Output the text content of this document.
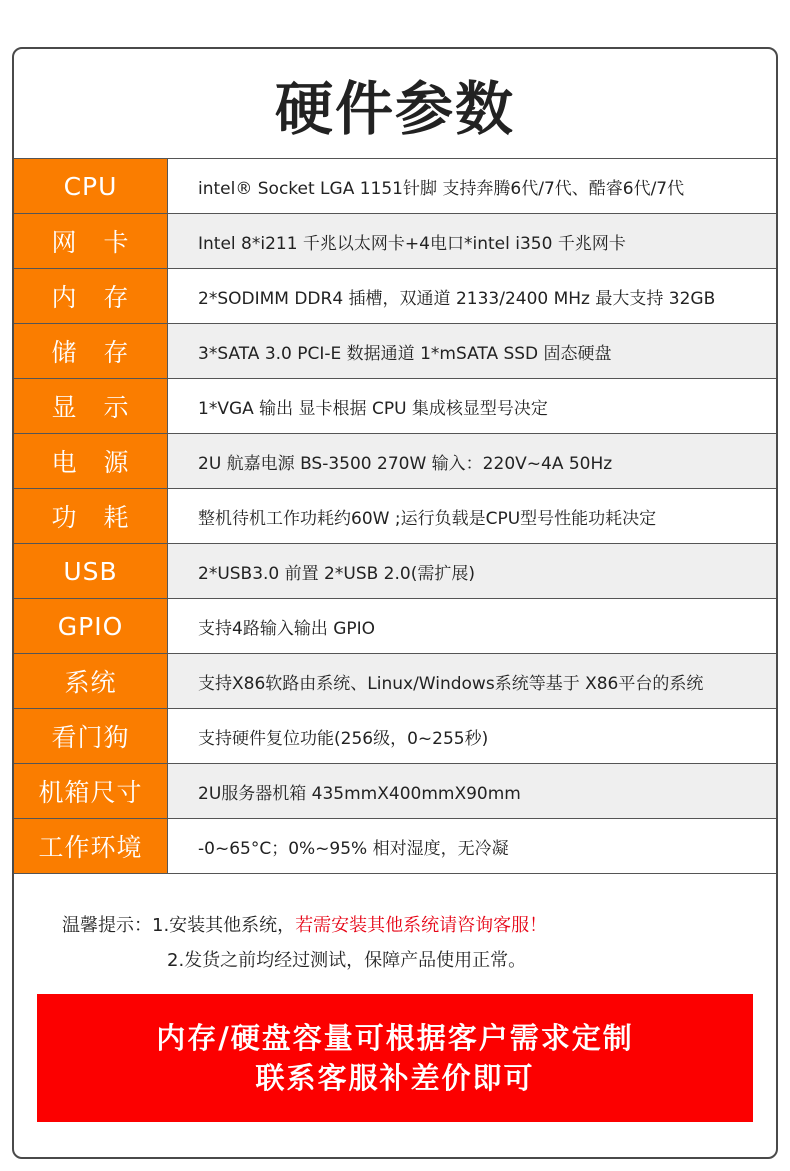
硬件参数
CPU	intel® Socket LGA 1151针脚 支持奔腾6代/7代、酷睿6代/7代
网　卡	Intel 8*i211 千兆以太网卡+4电口*intel i350 千兆网卡
内　存	2*SODIMM DDR4 插槽，双通道 2133/2400 MHz 最大支持 32GB
储　存	3*SATA 3.0 PCI-E 数据通道 1*mSATA SSD 固态硬盘
显　示	1*VGA 输出 显卡根据 CPU 集成核显型号决定
电　源	2U 航嘉电源 BS-3500 270W 输入：220V~4A 50Hz
功　耗	整机待机工作功耗约60W ;运行负载是CPU型号性能功耗决定
USB	2*USB3.0 前置 2*USB 2.0(需扩展)
GPIO	支持4路输入输出 GPIO
系统	支持X86软路由系统、Linux/Windows系统等基于 X86平台的系统
看门狗	支持硬件复位功能(256级，0~255秒)
机箱尺寸	2U服务器机箱 435mmX400mmX90mm
工作环境	-0~65°C；0%~95% 相对湿度，无冷凝
温馨提示：1.安装其他系统，若需安装其他系统请咨询客服！
2.发货之前均经过测试，保障产品使用正常。
内存/硬盘容量可根据客户需求定制
联系客服补差价即可
